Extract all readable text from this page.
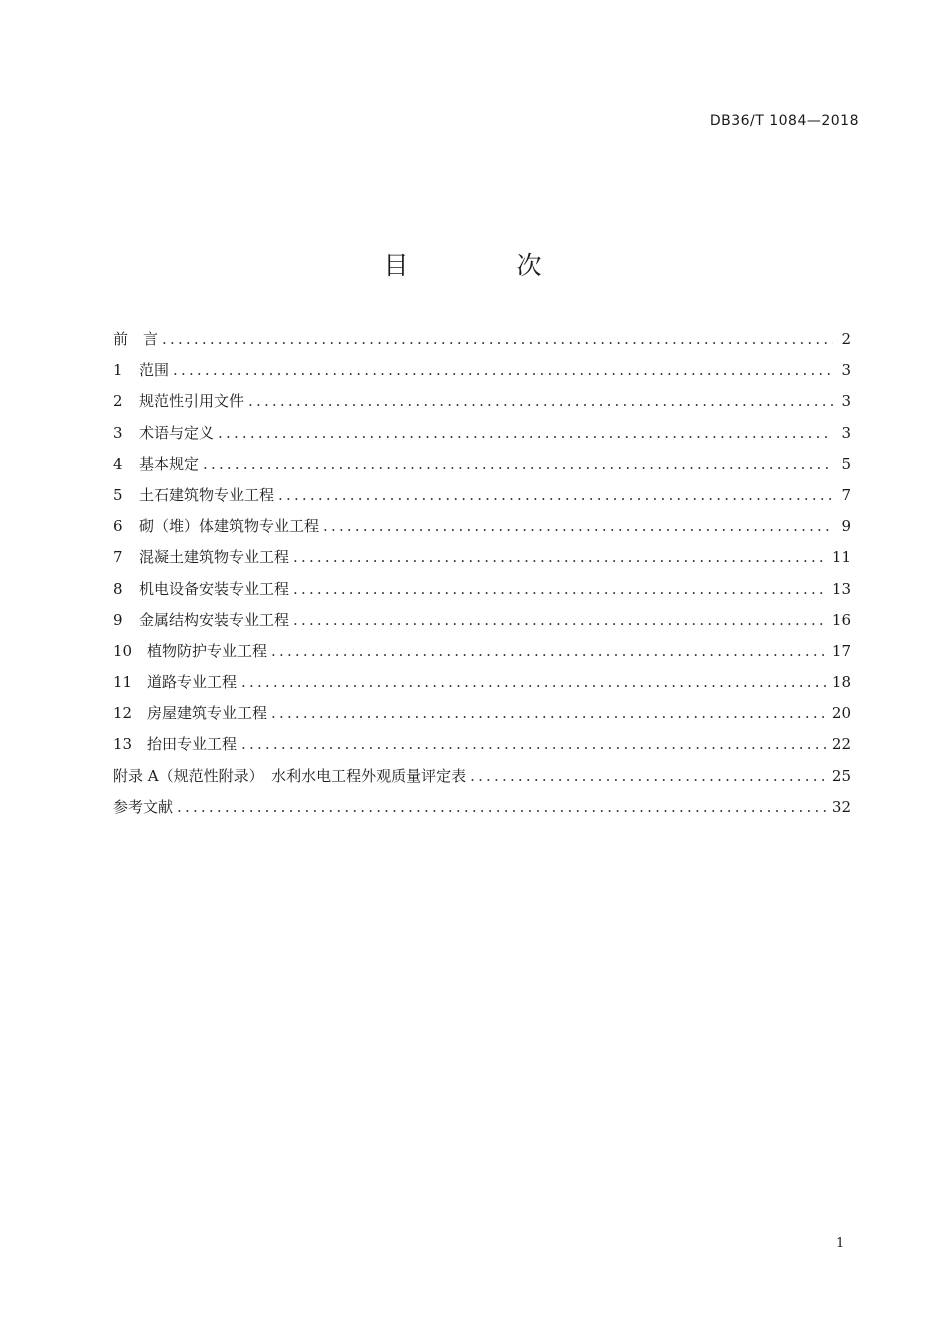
DB36/T 1084—2018
目 次
前　言 .....	2
1	范围 .....	3
2	规范性引用文件 .....	3
3	术语与定义 .....	3
4	基本规定 .....	5
5	土石建筑物专业工程 .....	7
6	砌（堆）体建筑物专业工程 .....	9
7	混凝土建筑物专业工程 .....	11
8	机电设备安装专业工程 .....	13
9	金属结构安装专业工程 .....	16
10 植物防护专业工程 .....	17
11 道路专业工程 .....	18
12 房屋建筑专业工程 .....	20
13 抬田专业工程 .....	22
附录 A（规范性附录）　水利水电工程外观质量评定表 .....	25
参考文献 .....	32
1
